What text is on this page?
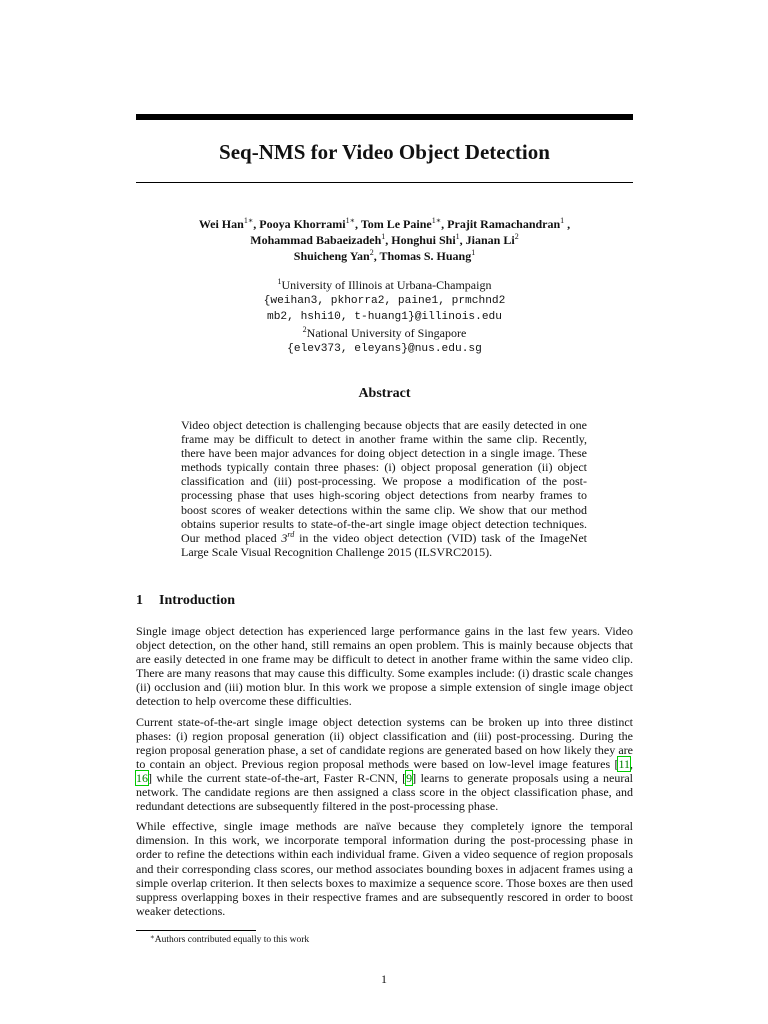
Seq-NMS for Video Object Detection
Wei Han$^{1∗}$, Pooya Khorrami$^{1∗}$, Tom Le Paine$^{1∗}$, Prajit Ramachandran$^1$ ,
Mohammad Babaeizadeh$^1$, Honghui Shi$^1$, Jianan Li$^2$
Shuicheng Yan$^2$, Thomas S. Huang$^1$
$^1$University of Illinois at Urbana-Champaign
{weihan3, pkhorra2, paine1, prmchnd2
mb2, hshi10, t-huang1}@illinois.edu
$^2$National University of Singapore
{elev373, eleyans}@nus.edu.sg
Abstract

Video object detection is challenging because objects that are easily detected in one frame may be difficult to detect in another frame within the same clip. Recently, there have been major advances for doing object detection in a single image. These methods typically contain three phases: (i) object proposal generation (ii) object classification and (iii) post-processing. We propose a modification of the post-processing phase that uses high-scoring object detections from nearby frames to boost scores of weaker detections within the same clip. We show that our method obtains superior results to state-of-the-art single image object detection techniques. Our method placed 3rd in the video object detection (VID) task of the ImageNet Large Scale Visual Recognition Challenge 2015 (ILSVRC2015).

1 Introduction

Single image object detection has experienced large performance gains in the last few years. Video object detection, on the other hand, still remains an open problem. This is mainly because objects that are easily detected in one frame may be difficult to detect in another frame within the same video clip. There are many reasons that may cause this difficulty. Some examples include: (i) drastic scale changes (ii) occlusion and (iii) motion blur. In this work we propose a simple extension of single image object detection to help overcome these difficulties.

Current state-of-the-art single image object detection systems can be broken up into three distinct phases: (i) region proposal generation (ii) object classification and (iii) post-processing. During the region proposal generation phase, a set of candidate regions are generated based on how likely they are to contain an object. Previous region proposal methods were based on low-level image features [11, 16] while the current state-of-the-art, Faster R-CNN, [9] learns to generate proposals using a neural network. The candidate regions are then assigned a class score in the object classification phase, and redundant detections are subsequently filtered in the post-processing phase.

While effective, single image methods are naïve because they completely ignore the temporal dimension. In this work, we incorporate temporal information during the post-processing phase in order to refine the detections within each individual frame. Given a video sequence of region proposals and their corresponding class scores, our method associates bounding boxes in adjacent frames using a simple overlap criterion. It then selects boxes to maximize a sequence score. Those boxes are then used suppress overlapping boxes in their respective frames and are subsequently rescored in order to boost weaker detections.

∗Authors contributed equally to this work
1
